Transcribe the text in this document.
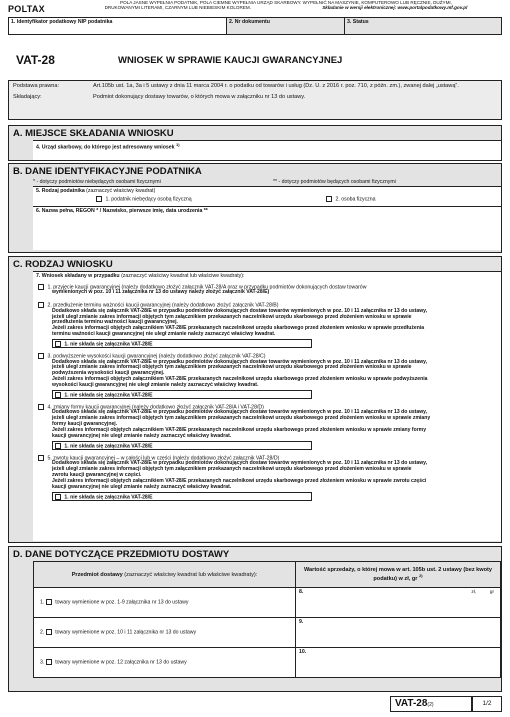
POLTAX
POLA JASNE WYPEŁNIA PODATNIK, POLA CIEMNE WYPEŁNIA URZĄD SKARBOWY. WYPEŁNIĆ NA MASZYNIE, KOMPUTEROWO LUB RĘCZNIE, DUŻYMI,
DRUKOWANYMI LITERAMI, CZARNYM LUB NIEBIESKIM KOLOREM.	Składanie w wersji elektronicznej: www.portalpodatkowy.mf.gov.pl
1. Identyfikator podatkowy NIP podatnika	2. Nr dokumentu	3. Status
VAT-28	WNIOSEK W SPRAWIE KAUCJI GWARANCYJNEJ
Podstawa prawna:	Art.105b ust. 1a, 3a i 5 ustawy z dnia 11 marca 2004 r. o podatku od towarów i usług (Dz. U. z 2016 r. poz. 710, z późn. zm.), zwanej dalej „ustawą”.
Składający:	Podmiot dokonujący dostawy towarów, o których mowa w załączniku nr 13 do ustawy.
A. MIEJSCE SKŁADANIA WNIOSKU
4. Urząd skarbowy, do którego jest adresowany wniosek $^{1)}$
B. DANE IDENTYFIKACYJNE PODATNIKA
* - dotyczy podmiotów niebędących osobami fizycznymi	** - dotyczy podmiotów będących osobami fizycznymi
5. Rodzaj podatnika (zaznaczyć właściwy kwadrat)
1. podatnik niebędący osobą fizyczną	2. osoba fizyczna
6. Nazwa pełna, REGON * / Nazwisko, pierwsze imię, data urodzenia **
C. RODZAJ WNIOSKU
7. Wniosek składany w przypadku (zaznaczyć właściwy kwadrat lub właściwe kwadraty):
1. przyjęcie kaucji gwarancyjnej (należy dodatkowo złożyć załącznik VAT-28/A oraz w przypadku podmiotów dokonujących dostaw towarów
wymienionych w poz. 10 i 11 załącznika nr 13 do ustawy należy złożyć załącznik VAT-28/E)
2. przedłużenie terminu ważności kaucji gwarancyjnej (należy dodatkowo złożyć załącznik VAT-28/B)
Dodatkowo składa się załącznik VAT-28/E w przypadku podmiotów dokonujących dostaw towarów wymienionych w poz. 10 i 11 załącznika nr 13 do ustawy,
jeżeli uległ zmianie zakres informacji objętych tym załącznikiem przekazanych naczelnikowi urzędu skarbowego przed złożeniem wniosku w sprawie
przedłużenia terminu ważności kaucji gwarancyjnej.
Jeżeli zakres informacji objętych załącznikiem VAT-28/E przekazanych naczelnikowi urzędu skarbowego przed złożeniem wniosku w sprawie przedłużenia
terminu ważności kaucji gwarancyjnej nie uległ zmianie należy zaznaczyć właściwy kwadrat.
1. nie składa się załącznika VAT-28/E
3. podwyższenie wysokości kaucji gwarancyjnej (należy dodatkowo złożyć załącznik VAT-28/C)
Dodatkowo składa się załącznik VAT-28/E w przypadku podmiotów dokonujących dostaw towarów wymienionych w poz. 10 i 11 załącznika nr 13 do ustawy,
jeżeli uległ zmianie zakres informacji objętych tym załącznikiem przekazanych naczelnikowi urzędu skarbowego przed złożeniem wniosku w sprawie
podwyższenia wysokości kaucji gwarancyjnej.
Jeżeli zakres informacji objętych załącznikiem VAT-28/E przekazanych naczelnikowi urzędu skarbowego przed złożeniem wniosku w sprawie podwyższenia
wysokości kaucji gwarancyjnej nie uległ zmianie należy zaznaczyć właściwy kwadrat.
1. nie składa się załącznika VAT-28/E
4. zmiany formy kaucji gwarancyjnej (należy dodatkowo złożyć załącznik VAT-28/A i VAT-28/D)
Dodatkowo składa się załącznik VAT-28/E w przypadku podmiotów dokonujących dostaw towarów wymienionych w poz. 10 i 11 załącznika nr 13 do ustawy,
jeżeli uległ zmianie zakres informacji objętych tym załącznikiem przekazanych naczelnikowi urzędu skarbowego przed złożeniem wniosku w sprawie zmiany
formy kaucji gwarancyjnej.
Jeżeli zakres informacji objętych załącznikiem VAT-28/E przekazanych naczelnikowi urzędu skarbowego przed złożeniem wniosku w sprawie zmiany formy
kaucji gwarancyjnej nie uległ zmianie należy zaznaczyć właściwy kwadrat.
1. nie składa się załącznika VAT-28/E
5. zwrotu kaucji gwarancyjnej – w całości lub w części (należy dodatkowo złożyć załącznik VAT-28/D)
Dodatkowo składa się załącznik VAT-28/E w przypadku podmiotów dokonujących dostaw towarów wymienionych w poz. 10 i 11 załącznika nr 13 do ustawy,
jeżeli uległ zmianie zakres informacji objętych tym załącznikiem przekazanych naczelnikowi urzędu skarbowego przed złożeniem wniosku w sprawie
zwrotu kaucji gwarancyjnej w części.
Jeżeli zakres informacji objętych załącznikiem VAT-28/E przekazanych naczelnikowi urzędu skarbowego przed złożeniem wniosku w sprawie zwrotu części
kaucji gwarancyjnej nie uległ zmianie należy zaznaczyć właściwy kwadrat.
1. nie składa się załącznika VAT-28/E
D. DANE DOTYCZĄCE PRZEDMIOTU DOSTAWY
Przedmiot dostawy (zaznaczyć właściwy kwadrat lub właściwe kwadraty):	Wartość sprzedaży, o której mowa w art. 105b ust. 2 ustawy (bez kwoty podatku) w zł, gr $^{2)}$
1. towary wymienione w poz. 1-9 załącznika nr 13 do ustawy	8. zł, gr

2. towary wymienione w poz. 10 i 11 załącznika nr 13 do ustawy	9.
3. towary wymienione w poz. 12 załącznika nr 13 do ustawy	10.
VAT-28(2)	1/2
